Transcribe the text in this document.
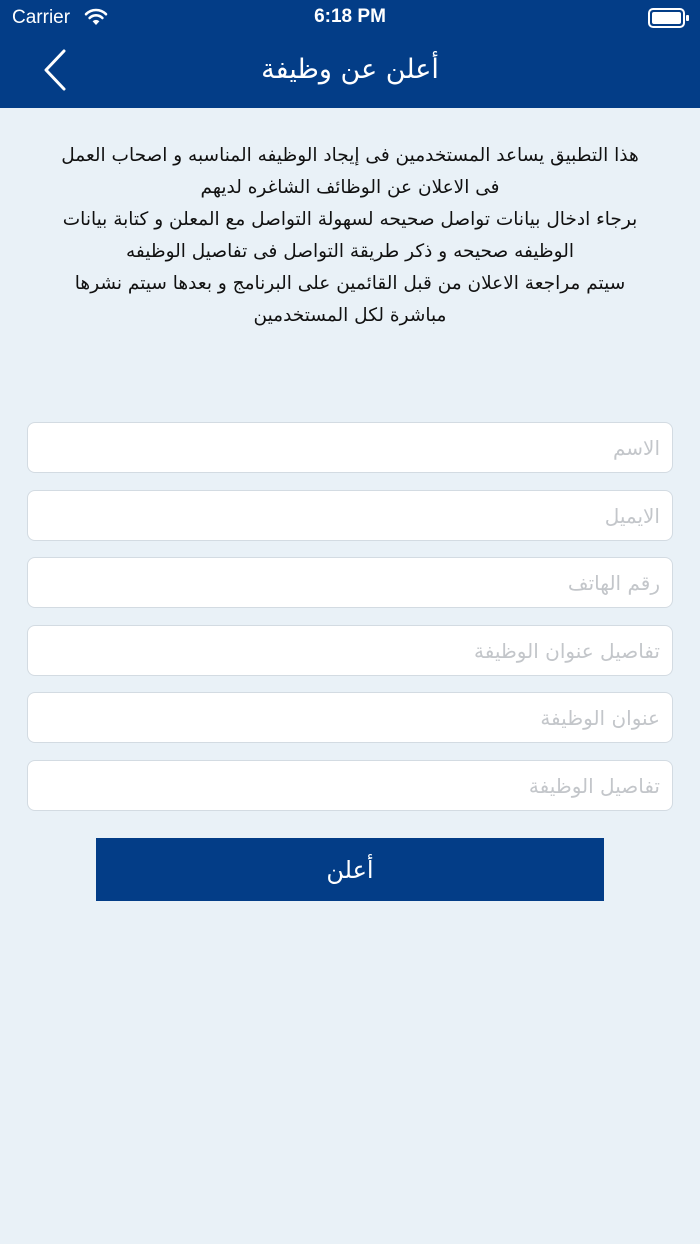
Carrier	6:18 PM
أعلن عن وظيفة

هذا التطبيق يساعد المستخدمين فى إيجاد الوظيفه المناسبه و اصحاب العمل

فى الاعلان عن الوظائف الشاغره لديهم

برجاء ادخال بيانات تواصل صحيحه لسهولة التواصل مع المعلن و كتابة بيانات

الوظيفه صحيحه و ذكر طريقة التواصل فى تفاصيل الوظيفه

سيتم مراجعة الاعلان من قبل القائمين على البرنامج و بعدها سيتم نشرها

مباشرة لكل المستخدمين

الاسم
الايميل
رقم الهاتف
تفاصيل عنوان الوظيفة
عنوان الوظيفة
تفاصيل الوظيفة
أعلن
